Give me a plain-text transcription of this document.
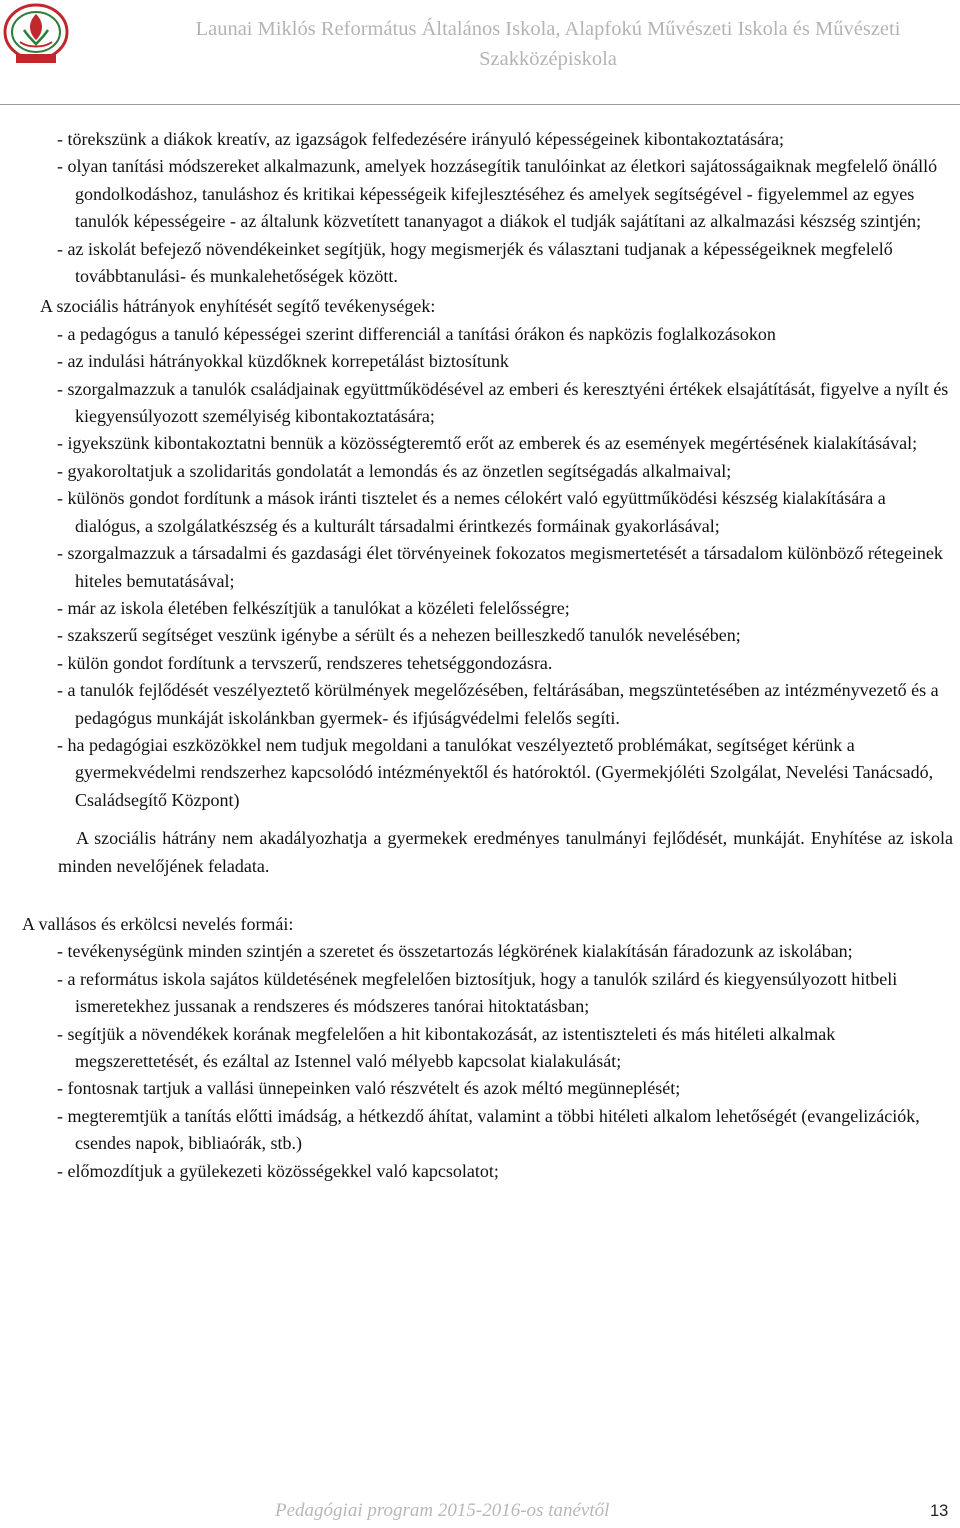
Launai Miklós Református Általános Iskola, Alapfokú Művészeti Iskola és Művészeti Szakközépiskola
- törekszünk a diákok kreatív, az igazságok felfedezésére irányuló képességeinek kibontakoztatására;
- olyan tanítási módszereket alkalmazunk, amelyek hozzásegítik tanulóinkat az életkori sajátosságaiknak megfelelő önálló gondolkodáshoz, tanuláshoz és kritikai képességeik kifejlesztéséhez és amelyek segítségével - figyelemmel az egyes tanulók képességeire - az általunk közvetített tananyagot a diákok el tudják sajátítani az alkalmazási készség szintjén;
- az iskolát befejező növendékeinket segítjük, hogy megismerjék és választani tudjanak a képességeiknek megfelelő továbbtanulási- és munkalehetőségek között.
A szociális hátrányok enyhítését segítő tevékenységek:
- a pedagógus a tanuló képességei szerint differenciál a tanítási órákon és napközis foglalkozásokon
- az indulási hátrányokkal küzdőknek korrepetálást biztosítunk
- szorgalmazzuk a tanulók családjainak együttműködésével az emberi és keresztyéni értékek elsajátítását, figyelve a nyílt és kiegyensúlyozott személyiség kibontakoztatására;
- igyekszünk kibontakoztatni bennük a közösségteremtő erőt az emberek és az események megértésének kialakításával;
- gyakoroltatjuk a szolidaritás gondolatát a lemondás és az önzetlen segítségadás alkalmaival;
- különös gondot fordítunk a mások iránti tisztelet és a nemes célokért való együttműködési készség kialakítására a dialógus, a szolgálatkészség és a kulturált társadalmi érintkezés formáinak gyakorlásával;
- szorgalmazzuk a társadalmi és gazdasági élet törvényeinek fokozatos megismertetését a társadalom különböző rétegeinek hiteles bemutatásával;
- már az iskola életében felkészítjük a tanulókat a közéleti felelősségre;
- szakszerű segítséget veszünk igénybe a sérült és a nehezen beilleszkedő tanulók nevelésében;
- külön gondot fordítunk a tervszerű, rendszeres tehetséggondozásra.
- a tanulók fejlődését veszélyeztető körülmények megelőzésében, feltárásában, megszüntetésében az intézményvezető és a pedagógus munkáját iskolánkban gyermek- és ifjúságvédelmi felelős segíti.
- ha pedagógiai eszközökkel nem tudjuk megoldani a tanulókat veszélyeztető problémákat, segítséget kérünk a gyermekvédelmi rendszerhez kapcsolódó intézményektől és hatóroktól. (Gyermekjóléti Szolgálat, Nevelési Tanácsadó, Családsegítő Központ)

A szociális hátrány nem akadályozhatja a gyermekek eredményes tanulmányi fejlődését, munkáját. Enyhítése az iskola minden nevelőjének feladata.

A vallásos és erkölcsi nevelés formái:
- tevékenységünk minden szintjén a szeretet és összetartozás légkörének kialakításán fáradozunk az iskolában;
- a református iskola sajátos küldetésének megfelelően biztosítjuk, hogy a tanulók szilárd és kiegyensúlyozott hitbeli ismeretekhez jussanak a rendszeres és módszeres tanórai hitoktatásban;
- segítjük a növendékek korának megfelelően a hit kibontakozását, az istentiszteleti és más hitéleti alkalmak megszerettetését, és ezáltal az Istennel való mélyebb kapcsolat kialakulását;
- fontosnak tartjuk a vallási ünnepeinken való részvételt és azok méltó megünneplését;
- megteremtjük a tanítás előtti imádság, a hétkezdő áhítat, valamint a többi hitéleti alkalom lehetőségét (evangelizációk, csendes napok, bibliaórák, stb.)
- előmozdítjuk a gyülekezeti közösségekkel való kapcsolatot;
Pedagógiai program 2015-2016-os tanévtől	13
